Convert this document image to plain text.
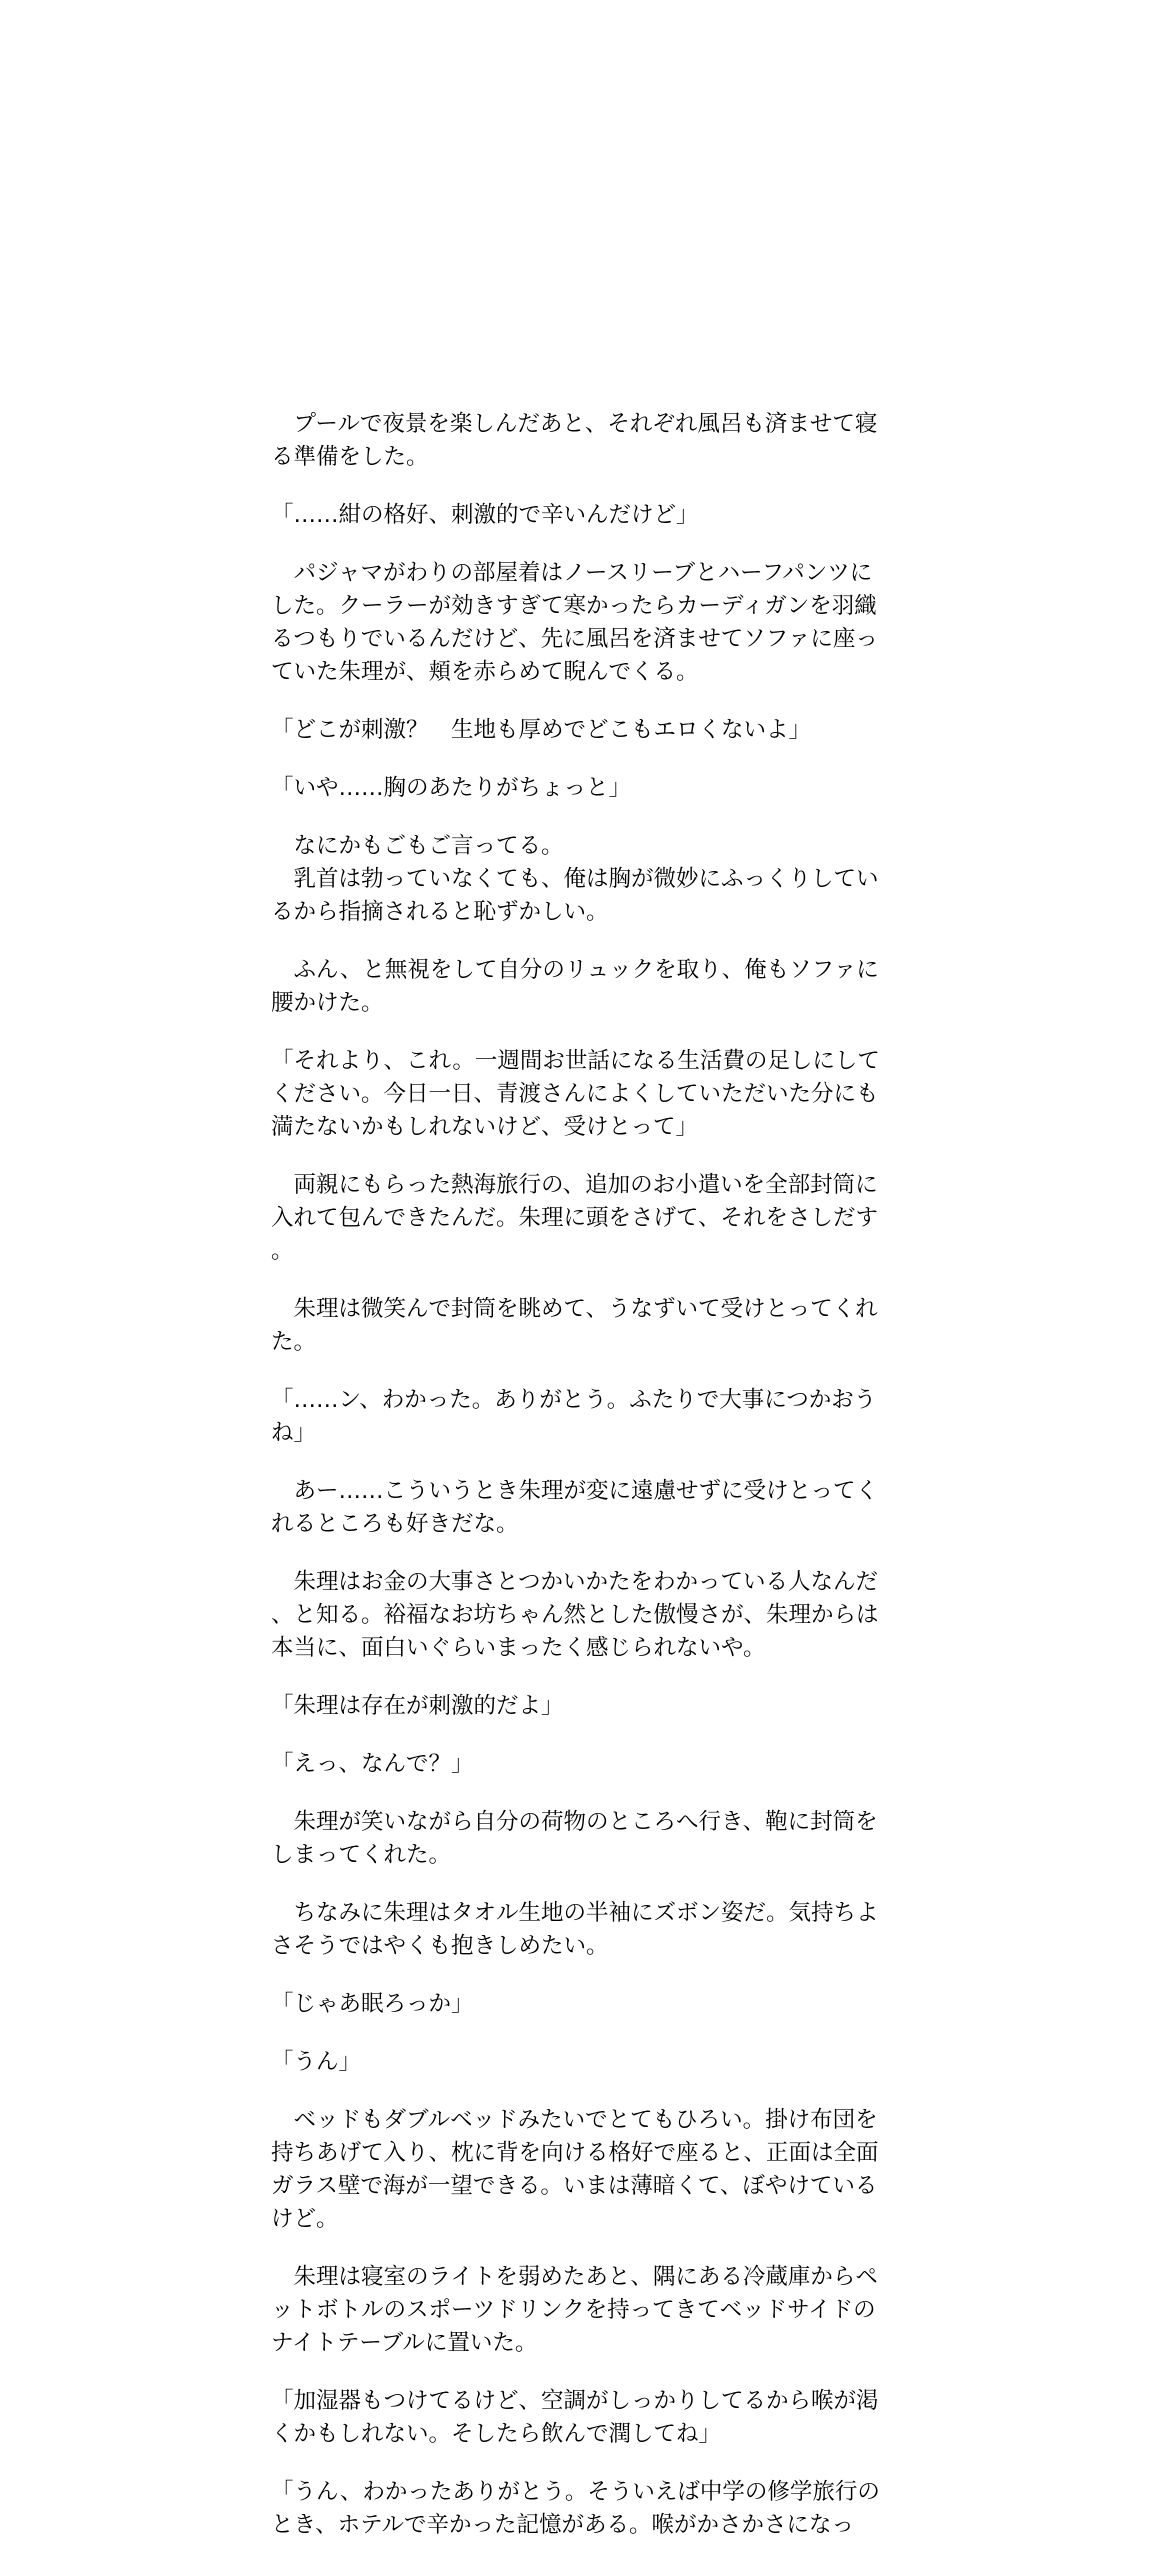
　プールで夜景を楽しんだあと、それぞれ風呂も済ませて寝る準備をした。

「……紺の格好、刺激的で辛いんだけど」

　パジャマがわりの部屋着はノースリーブとハーフパンツにした。クーラーが効きすぎて寒かったらカーディガンを羽織るつもりでいるんだけど、先に風呂を済ませてソファに座っていた朱理が、頬を赤らめて睨んでくる。

「どこが刺激？　生地も厚めでどこもエロくないよ」

「いや……胸のあたりがちょっと」

　なにかもごもご言ってる。
　乳首は勃っていなくても、俺は胸が微妙にふっくりしているから指摘されると恥ずかしい。

　ふん、と無視をして自分のリュックを取り、俺もソファに腰かけた。

「それより、これ。一週間お世話になる生活費の足しにしてください。今日一日、青渡さんによくしていただいた分にも満たないかもしれないけど、受けとって」

　両親にもらった熱海旅行の、追加のお小遣いを全部封筒に入れて包んできたんだ。朱理に頭をさげて、それをさしだす。

　朱理は微笑んで封筒を眺めて、うなずいて受けとってくれた。

「……ン、わかった。ありがとう。ふたりで大事につかおうね」

　あー……こういうとき朱理が変に遠慮せずに受けとってくれるところも好きだな。

　朱理はお金の大事さとつかいかたをわかっている人なんだ、と知る。裕福なお坊ちゃん然とした傲慢さが、朱理からは本当に、面白いぐらいまったく感じられないや。

「朱理は存在が刺激的だよ」

「えっ、なんで？」

　朱理が笑いながら自分の荷物のところへ行き、鞄に封筒をしまってくれた。

　ちなみに朱理はタオル生地の半袖にズボン姿だ。気持ちよさそうではやくも抱きしめたい。

「じゃあ眠ろっか」

「うん」

　ベッドもダブルベッドみたいでとてもひろい。掛け布団を持ちあげて入り、枕に背を向ける格好で座ると、正面は全面ガラス壁で海が一望できる。いまは薄暗くて、ぼやけているけど。

　朱理は寝室のライトを弱めたあと、隅にある冷蔵庫からペットボトルのスポーツドリンクを持ってきてベッドサイドのナイトテーブルに置いた。

「加湿器もつけてるけど、空調がしっかりしてるから喉が渇くかもしれない。そしたら飲んで潤してね」

「うん、わかったありがとう。そういえば中学の修学旅行のとき、ホテルで辛かった記憶がある。喉がかさかさになっ
